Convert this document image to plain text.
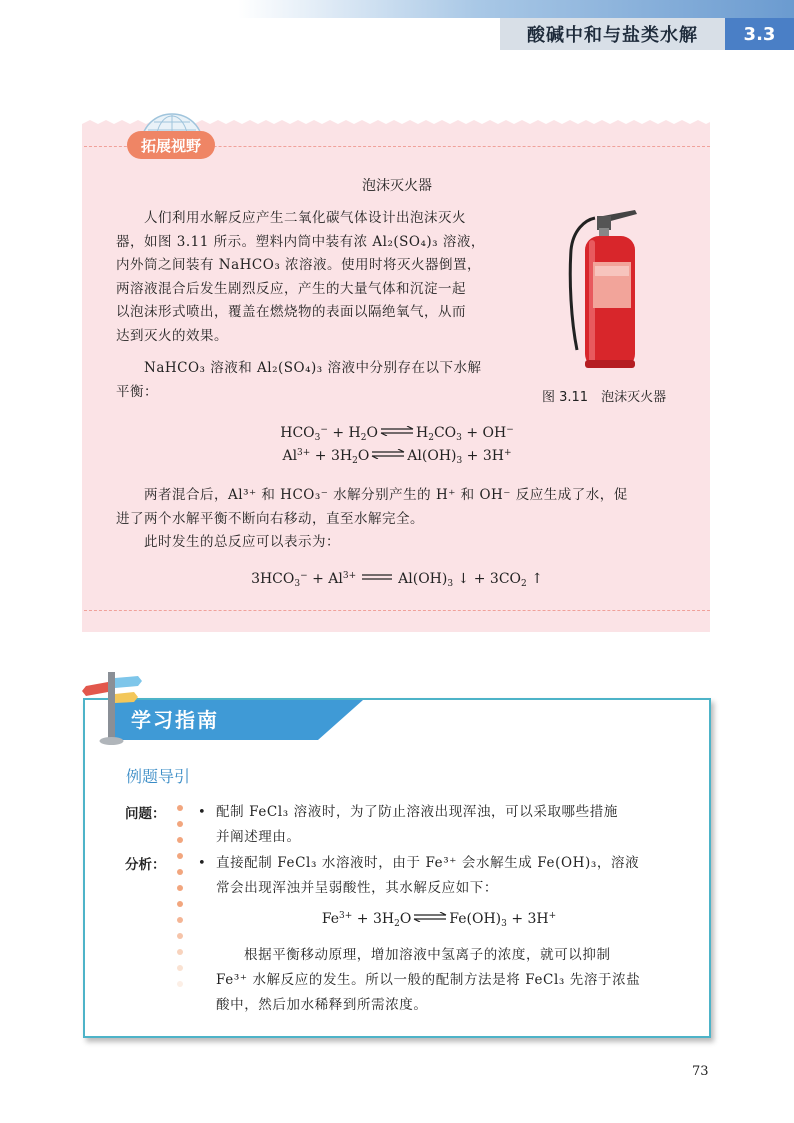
酸碱中和与盐类水解	3.3
拓展视野
泡沫灭火器
人们利用水解反应产生二氧化碳气体设计出泡沫灭火
器，如图 3.11 所示。塑料内筒中装有浓 Al₂(SO₄)₃ 溶液，
内外筒之间装有 NaHCO₃ 浓溶液。使用时将灭火器倒置，
两溶液混合后发生剧烈反应，产生的大量气体和沉淀一起
以泡沫形式喷出，覆盖在燃烧物的表面以隔绝氧气，从而
达到灭火的效果。
NaHCO₃ 溶液和 Al₂(SO₄)₃ 溶液中分别存在以下水解
平衡：	图 3.11　泡沫灭火器
$HCO_3^- + H_2O$	$H_2CO_3 + OH^-$
$Al^{3+} + 3H_2O$	$Al(OH)_3 + 3H^+$
两者混合后，Al³⁺ 和 HCO₃⁻ 水解分别产生的 H⁺ 和 OH⁻ 反应生成了水，促
进了两个水解平衡不断向右移动，直至水解完全。
此时发生的总反应可以表示为：
$3HCO_3^- + Al^{3+}$	$Al(OH)_3$ ↓ + $3CO_2$ ↑
学习指南
例题导引
问题：	• 配制 FeCl₃ 溶液时，为了防止溶液出现浑浊，可以采取哪些措施
并阐述理由。
分析：	• 直接配制 FeCl₃ 水溶液时，由于 Fe³⁺ 会水解生成 Fe(OH)₃，溶液
常会出现浑浊并呈弱酸性，其水解反应如下：
$Fe^{3+} + 3H_2O$	$Fe(OH)_3 + 3H^+$
根据平衡移动原理，增加溶液中氢离子的浓度，就可以抑制
Fe³⁺ 水解反应的发生。所以一般的配制方法是将 FeCl₃ 先溶于浓盐
酸中，然后加水稀释到所需浓度。
73
